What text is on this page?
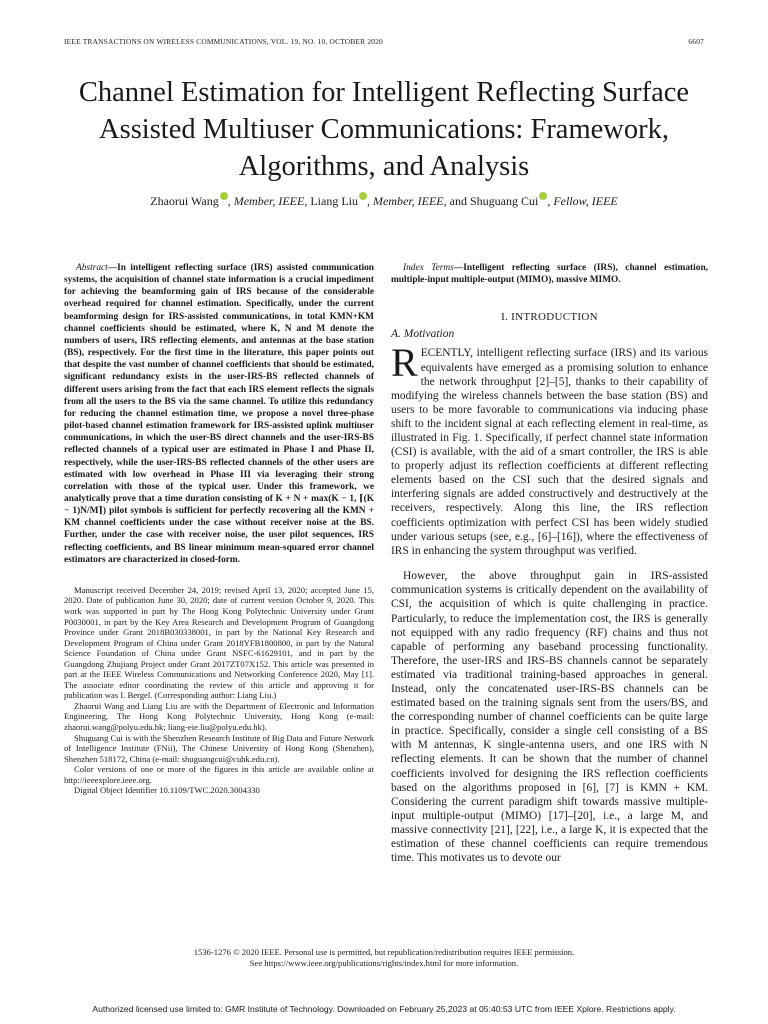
IEEE TRANSACTIONS ON WIRELESS COMMUNICATIONS, VOL. 19, NO. 10, OCTOBER 2020	6607
Channel Estimation for Intelligent Reflecting Surface Assisted Multiuser Communications: Framework, Algorithms, and Analysis
Zhaorui Wang , Member, IEEE, Liang Liu , Member, IEEE, and Shuguang Cui , Fellow, IEEE

Abstract—In intelligent reflecting surface (IRS) assisted communication systems, the acquisition of channel state information is a crucial impediment for achieving the beamforming gain of IRS because of the considerable overhead required for channel estimation. Specifically, under the current beamforming design for IRS-assisted communications, in total KMN+KM channel coefficients should be estimated, where K, N and M denote the numbers of users, IRS reflecting elements, and antennas at the base station (BS), respectively. For the first time in the literature, this paper points out that despite the vast number of channel coefficients that should be estimated, significant redundancy exists in the user-IRS-BS reflected channels of different users arising from the fact that each IRS element reflects the signals from all the users to the BS via the same channel. To utilize this redundancy for reducing the channel estimation time, we propose a novel three-phase pilot-based channel estimation framework for IRS-assisted uplink multiuser communications, in which the user-BS direct channels and the user-IRS-BS reflected channels of a typical user are estimated in Phase I and Phase II, respectively, while the user-IRS-BS reflected channels of the other users are estimated with low overhead in Phase III via leveraging their strong correlation with those of the typical user. Under this framework, we analytically prove that a time duration consisting of K + N + max(K − 1, ⌈(K − 1)N/M⌉) pilot symbols is sufficient for perfectly recovering all the KMN + KM channel coefficients under the case without receiver noise at the BS. Further, under the case with receiver noise, the user pilot sequences, IRS reflecting coefficients, and BS linear minimum mean-squared error channel estimators are characterized in closed-form.

Manuscript received December 24, 2019; revised April 13, 2020; accepted June 15, 2020. Date of publication June 30, 2020; date of current version October 9, 2020. This work was supported in part by The Hong Kong Polytechnic University under Grant P0030001, in part by the Key Area Research and Development Program of Guangdong Province under Grant 2018B030338001, in part by the National Key Research and Development Program of China under Grant 2018YFB1800800, in part by the Natural Science Foundation of China under Grant NSFC-61629101, and in part by the Guangdong Zhujiang Project under Grant 2017ZT07X152. This article was presented in part at the IEEE Wireless Communications and Networking Conference 2020, May [1]. The associate editor coordinating the review of this article and approving it for publication was I. Bergel. (Corresponding author: Liang Liu.)

Zhaorui Wang and Liang Liu are with the Department of Electronic and Information Engineering, The Hong Kong Polytechnic University, Hong Kong (e-mail: zhaorui.wang@polyu.edu.hk; liang-eie.liu@polyu.edu.hk).

Shuguang Cui is with the Shenzhen Research Institute of Big Data and Future Network of Intelligence Institute (FNii), The Chinese University of Hong Kong (Shenzhen), Shenzhen 518172, China (e-mail: shuguangcui@cuhk.edu.cn).

Color versions of one or more of the figures in this article are available online at http://ieeexplore.ieee.org.

Digital Object Identifier 10.1109/TWC.2020.3004330

Index Terms—Intelligent reflecting surface (IRS), channel estimation, multiple-input multiple-output (MIMO), massive MIMO.

I. INTRODUCTION
A. Motivation

RECENTLY, intelligent reflecting surface (IRS) and its various equivalents have emerged as a promising solution to enhance the network throughput [2]–[5], thanks to their capability of modifying the wireless channels between the base station (BS) and users to be more favorable to communications via inducing phase shift to the incident signal at each reflecting element in real-time, as illustrated in Fig. 1. Specifically, if perfect channel state information (CSI) is available, with the aid of a smart controller, the IRS is able to properly adjust its reflection coefficients at different reflecting elements based on the CSI such that the desired signals and interfering signals are added constructively and destructively at the receivers, respectively. Along this line, the IRS reflection coefficients optimization with perfect CSI has been widely studied under various setups (see, e.g., [6]–[16]), where the effectiveness of IRS in enhancing the system throughput was verified.

However, the above throughput gain in IRS-assisted communication systems is critically dependent on the availability of CSI, the acquisition of which is quite challenging in practice. Particularly, to reduce the implementation cost, the IRS is generally not equipped with any radio frequency (RF) chains and thus not capable of performing any baseband processing functionality. Therefore, the user-IRS and IRS-BS channels cannot be separately estimated via traditional training-based approaches in general. Instead, only the concatenated user-IRS-BS channels can be estimated based on the training signals sent from the users/BS, and the corresponding number of channel coefficients can be quite large in practice. Specifically, consider a single cell consisting of a BS with M antennas, K single-antenna users, and one IRS with N reflecting elements. It can be shown that the number of channel coefficients involved for designing the IRS reflection coefficients based on the algorithms proposed in [6], [7] is KMN + KM. Considering the current paradigm shift towards massive multiple-input multiple-output (MIMO) [17]–[20], i.e., a large M, and massive connectivity [21], [22], i.e., a large K, it is expected that the estimation of these channel coefficients can require tremendous time. This motivates us to devote our

1536-1276 © 2020 IEEE. Personal use is permitted, but republication/redistribution requires IEEE permission.
See https://www.ieee.org/publications/rights/index.html for more information.
Authorized licensed use limited to: GMR Institute of Technology. Downloaded on February 25,2023 at 05:40:53 UTC from IEEE Xplore. Restrictions apply.
